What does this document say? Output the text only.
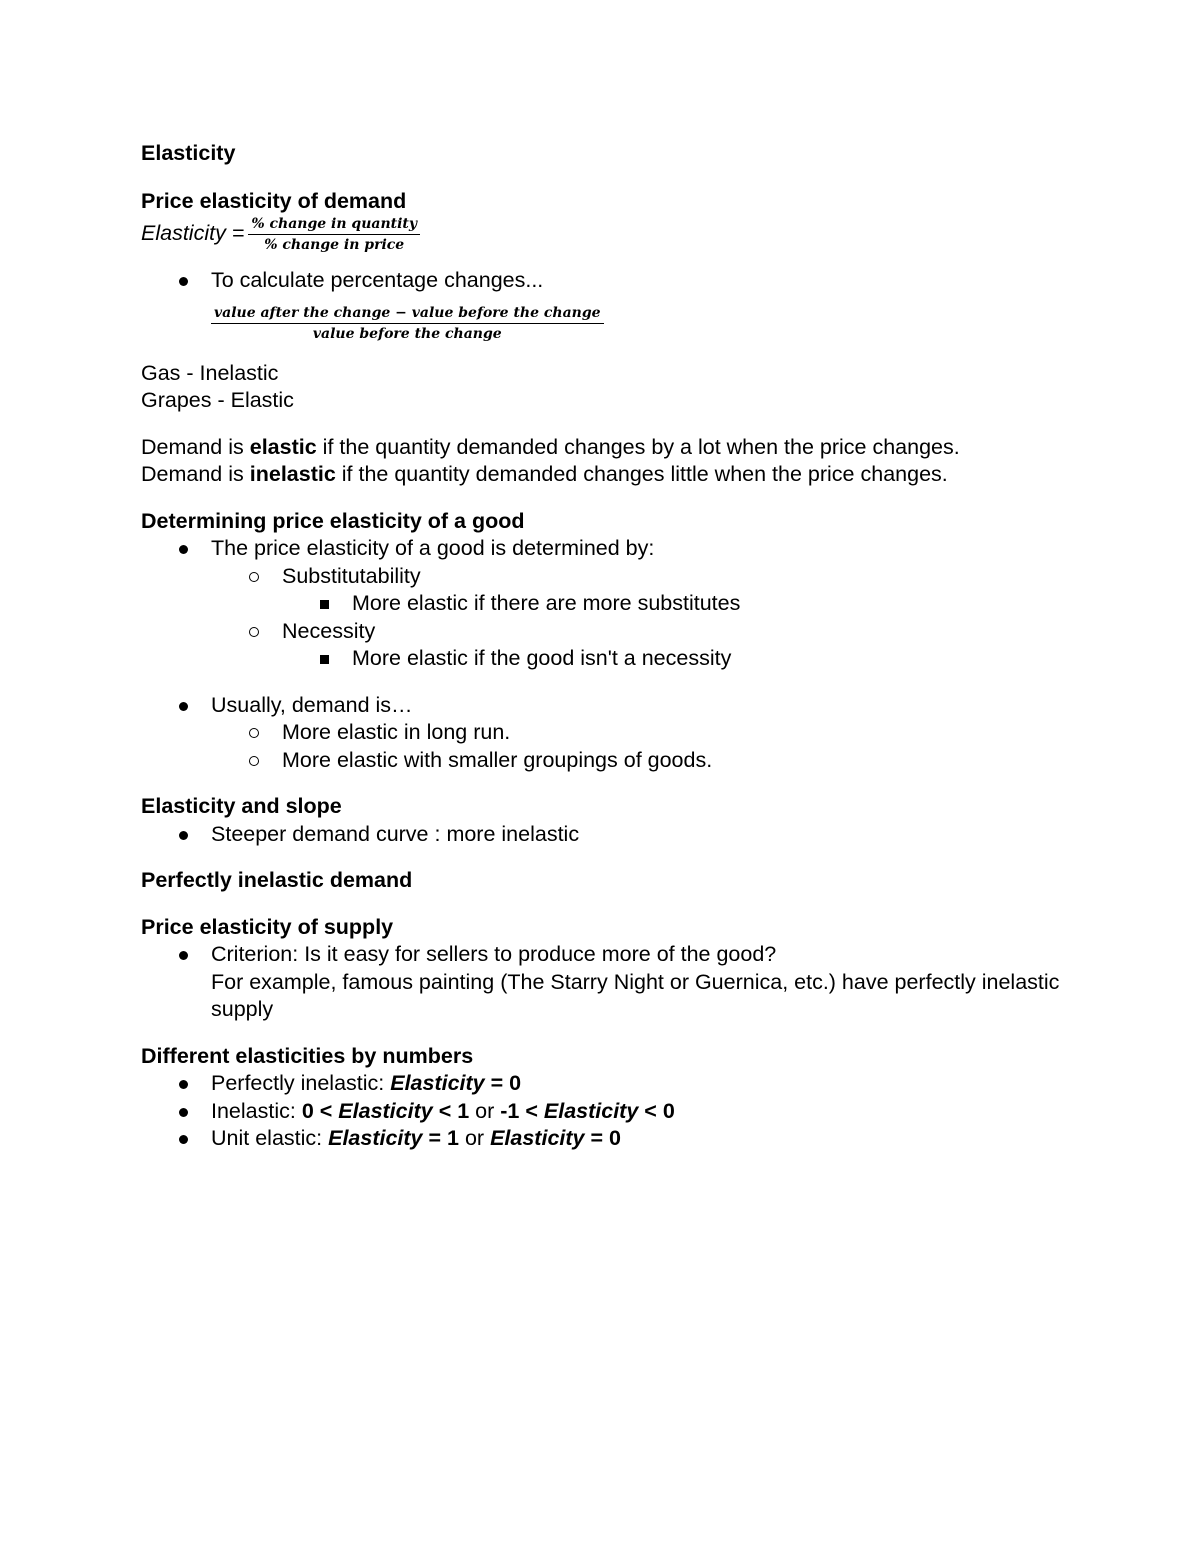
Elasticity

Price elasticity of demand

Elasticity = $\frac{\text{\% change in quantity}}{\text{\% change in price}}$
To calculate percentage changes...
$\frac{\text{value after the change − value before the change}}{\text{value before the change}}$

Gas - Inelastic

Grapes - Elastic

Demand is elastic if the quantity demanded changes by a lot when the price changes.

Demand is inelastic if the quantity demanded changes little when the price changes.

Determining price elasticity of a good

The price elasticity of a good is determined by:
Substitutability
More elastic if there are more substitutes
Necessity
More elastic if the good isn't a necessity
Usually, demand is…
More elastic in long run.
More elastic with smaller groupings of goods.

Elasticity and slope

Steeper demand curve : more inelastic

Perfectly inelastic demand

Price elasticity of supply

Criterion: Is it easy for sellers to produce more of the good?
For example, famous painting (The Starry Night or Guernica, etc.) have perfectly inelastic supply

Different elasticities by numbers

Perfectly inelastic: Elasticity = 0
Inelastic: 0 < Elasticity < 1 or -1 < Elasticity < 0
Unit elastic: Elasticity = 1 or Elasticity = 0
